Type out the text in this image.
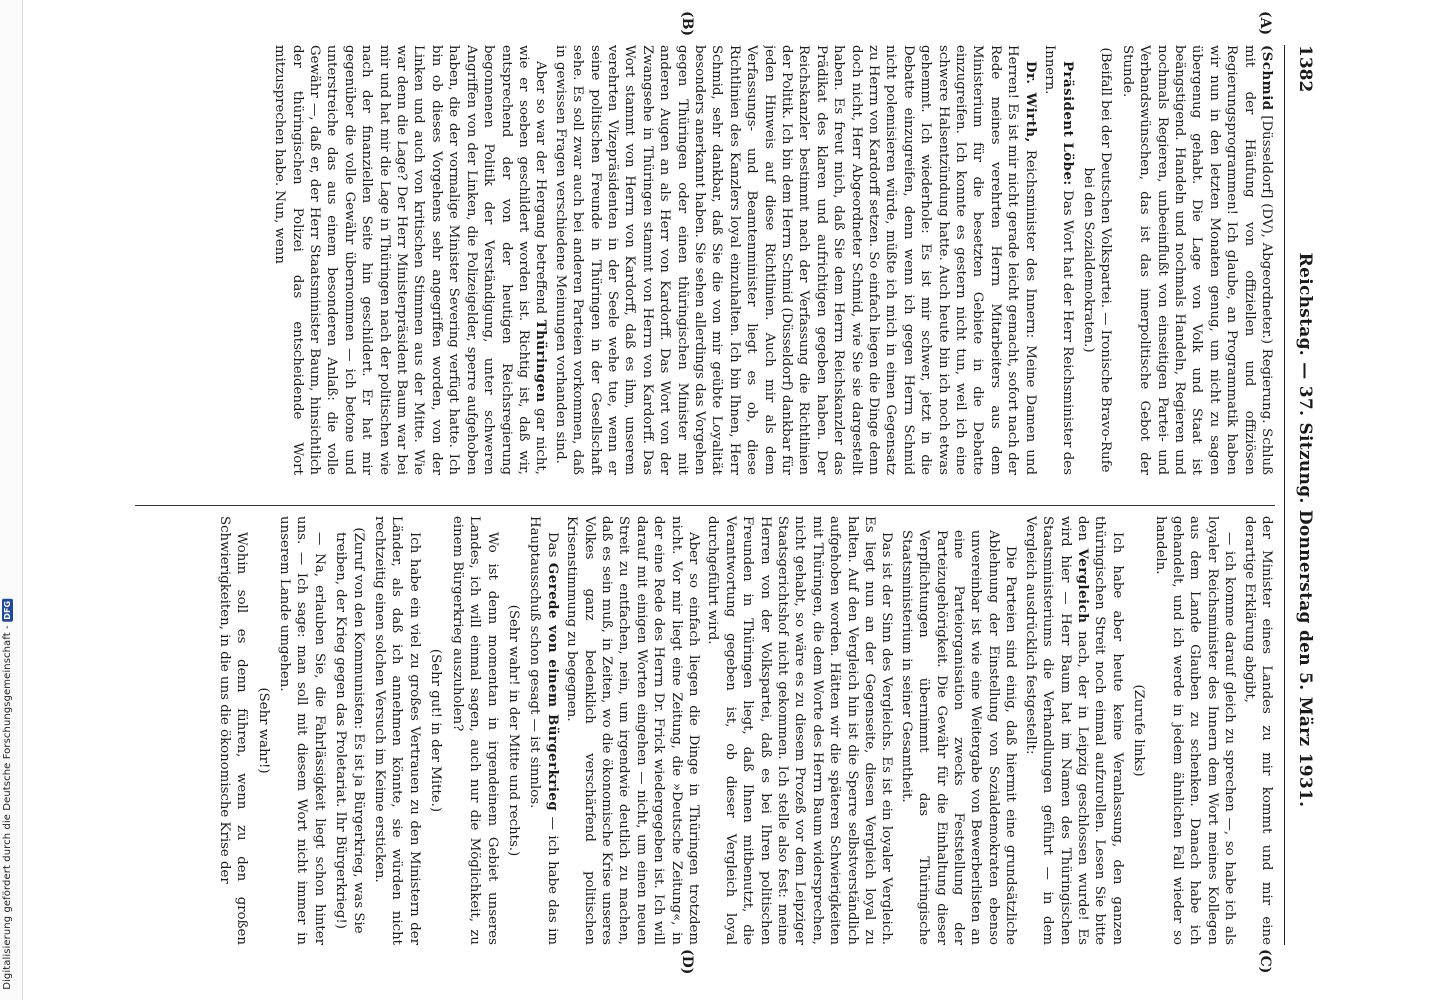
Digitalisierung gefördert durch die Deutsche Forschungsgemeinschaft - DFG
1382
Reichstag. — 37. Sitzung. Donnerstag den 5. März 1931.
(A)
(B)
(C)
(D)

(Schmid [Düsseldorf] (DV), Abgeordneter.) Regierung. Schluß mit der Häufung von offiziellen und offiziösen Regierungsprogrammen! Ich glaube, an Programmatik haben wir nun in den letzten Monaten genug, um nicht zu sagen übergenug gehabt. Die Lage von Volk und Staat ist beängstigend. Handeln und nochmals Handeln, Regieren und nochmals Regieren, unbeeinflußt von einseitigen Partei- und Verbandswünschen, das ist das innerpolitische Gebot der Stunde.

(Beifall bei der Deutschen Volkspartei. — Ironische Bravo-Rufe bei den Sozialdemokraten.)

Präsident Löbe: Das Wort hat der Herr Reichsminister des Innern.

Dr. Wirth, Reichsminister des Innern: Meine Damen und Herren! Es ist mir nicht gerade leicht gemacht, sofort nach der Rede meines verehrten Herrn Mitarbeiters aus dem Ministerium für die besetzten Gebiete in die Debatte einzugreifen. Ich konnte es gestern nicht tun, weil ich eine schwere Halsentzündung hatte. Auch heute bin ich noch etwas gehemmt. Ich wiederhole: Es ist mir schwer, jetzt in die Debatte einzugreifen, denn wenn ich gegen Herrn Schmid nicht polemisieren würde, müßte ich mich in einen Gegensatz zu Herrn von Kardorff setzen. So einfach liegen die Dinge denn doch nicht, Herr Abgeordneter Schmid, wie Sie sie dargestellt haben. Es freut mich, daß Sie dem Herrn Reichskanzler das Prädikat des klaren und aufrichtigen gegeben haben. Der Reichskanzler bestimmt nach der Verfassung die Richtlinien der Politik. Ich bin dem Herrn Schmid (Düsseldorf) dankbar für jeden Hinweis auf diese Richtlinien. Auch mir als dem Verfassungs- und Beamtenminister liegt es ob, diese Richtlinien des Kanzlers loyal einzuhalten. Ich bin Ihnen, Herr Schmid, sehr dankbar, daß Sie die von mir geübte Loyalität besonders anerkannt haben. Sie sehen allerdings das Vorgehen gegen Thüringen oder einen thüringischen Minister mit anderen Augen an als Herr von Kardorff. Das Wort von der Zwangsehe in Thüringen stammt von Herrn von Kardorff. Das Wort stammt von Herrn von Kardorff, daß es ihm, unserem verehrten Vizepräsidenten in der Seele wehe tue, wenn er seine politischen Freunde in Thüringen in der Gesellschaft sehe. Es soll zwar auch bei anderen Parteien vorkommen, daß in gewissen Fragen verschiedene Meinungen vorhanden sind.

Aber so war der Hergang betreffend Thüringen gar nicht, wie er soeben geschildert worden ist. Richtig ist, daß wir, entsprechend der von der heutigen Reichsregierung begonnenen Politik der Verständigung, unter schweren Angriffen von der Linken, die Polizeigelder, sperre aufgehoben haben, die der vormalige Minister Severing verfügt hatte. Ich bin ob dieses Vorgehens sehr angegriffen worden, von der Linken und auch von kritischen Stimmen aus der Mitte. Wie war denn die Lage? Der Herr Ministerpräsident Baum war bei mir und hat mir die Lage in Thüringen nach der politischen wie nach der finanziellen Seite hin geschildert. Er hat mir gegenüber die volle Gewähr übernommen — ich betone und unterstreiche das aus einem besonderen Anlaß: die volle Gewähr —, daß er, der Herr Staatsminister Baum, hinsichtlich der thüringischen Polizei das entscheidende Wort mitzusprechen habe. Nun, wenn

der Minister eines Landes zu mir kommt und mir eine derartige Erklärung abgibt,

— ich komme darauf gleich zu sprechen —, so habe ich als loyaler Reichsminister des Innern dem Wort meines Kollegen aus dem Lande Glauben zu schenken. Danach habe ich gehandelt, und ich werde in jedem ähnlichen Fall wieder so handeln.

(Zurufe links)

Ich habe aber heute keine Veranlassung, den ganzen thüringischen Streit noch einmal aufzurollen. Lesen Sie bitte den Vergleich nach, der in Leipzig geschlossen wurde! Es wird hier — Herr Baum hat im Namen des Thüringischen Staatsministeriums die Verhandlungen geführt — in dem Vergleich ausdrücklich festgestellt:

Die Parteien sind einig, daß hiermit eine grundsätzliche Ablehnung der Einstellung von Sozialdemokraten ebenso unvereinbar ist wie eine Weitergabe von Bewerberlisten an eine Parteiorganisation zwecks Feststellung der Parteizugehörigkeit. Die Gewähr für die Einhaltung dieser Verpflichtungen übernimmt das Thüringische Staatsministerium in seiner Gesamtheit.

Das ist der Sinn des Vergleichs. Es ist ein loyaler Vergleich. Es liegt nun an der Gegenseite, diesen Vergleich loyal zu halten. Auf den Vergleich hin ist die Sperre selbstverständlich aufgehoben worden. Hätten wir die späteren Schwierigkeiten mit Thüringen, die dem Worte des Herrn Baum widersprechen, nicht gehabt, so wäre es zu diesem Prozeß vor dem Leipziger Staatsgerichtshof nicht gekommen. Ich stelle also fest: meine Herren von der Volkspartei, daß es bei Ihren politischen Freunden in Thüringen liegt, daß Ihnen mitbenutzt, die Verantwortung gegeben ist, ob dieser Vergleich loyal durchgeführt wird.

Aber so einfach liegen die Dinge in Thüringen trotzdem nicht. Vor mir liegt eine Zeitung, die »Deutsche Zeitung«, in der eine Rede des Herrn Dr. Frick wiedergegeben ist. Ich will darauf mit einigen Worten eingehen — nicht, um einen neuen Streit zu entfachen, nein, um irgendwie deutlich zu machen, daß es sein muß, in Zeiten, wo die ökonomische Krise unseres Volkes ganz bedenklich verschärfend politischen Krisenstimmung zu begegnen.

Das Gerede von einem Bürgerkrieg — ich habe das im Hauptausschuß schon gesagt — ist sinnlos.

(Sehr wahr! in der Mitte und rechts.)

Wo ist denn momentan in irgendeinem Gebiet unseres Landes, ich will einmal sagen, auch nur die Möglichkeit, zu einem Bürgerkrieg auszuholen?

(Sehr gut! in der Mitte.)

Ich habe ein viel zu großes Vertrauen zu den Ministern der Länder, als daß ich annehmen könnte, sie würden nicht rechtzeitig einen solchen Versuch im Keime ersticken.

(Zuruf von den Kommunisten: Es ist ja Bürgerkrieg, was Sie treiben, der Krieg gegen das Proletariat. Ihr Bürgerkrieg!)

— Na, erlauben Sie, die Fahrlässigkeit liegt schon hinter uns. — Ich sage: man soll mit diesem Wort nicht immer in unserem Lande umgehen.

(Sehr wahr!)

Wohin soll es denn führen, wenn zu den großen Schwierigkeiten, in die uns die ökonomische Krise der
